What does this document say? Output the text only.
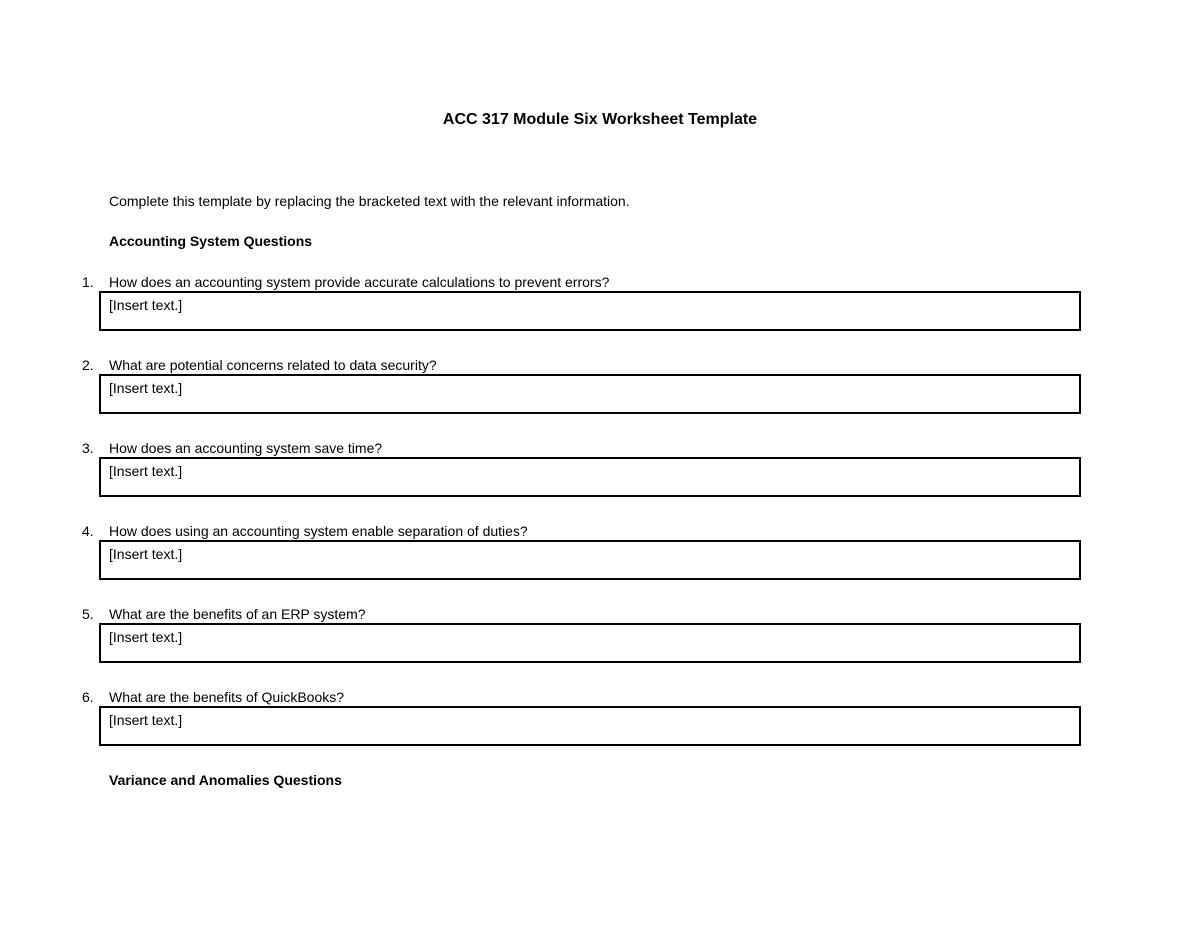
ACC 317 Module Six Worksheet Template
Complete this template by replacing the bracketed text with the relevant information.
Accounting System Questions
1. How does an accounting system provide accurate calculations to prevent errors?
[Insert text.]
2. What are potential concerns related to data security?
[Insert text.]
3. How does an accounting system save time?
[Insert text.]
4. How does using an accounting system enable separation of duties?
[Insert text.]
5. What are the benefits of an ERP system?
[Insert text.]
6. What are the benefits of QuickBooks?
[Insert text.]
Variance and Anomalies Questions
